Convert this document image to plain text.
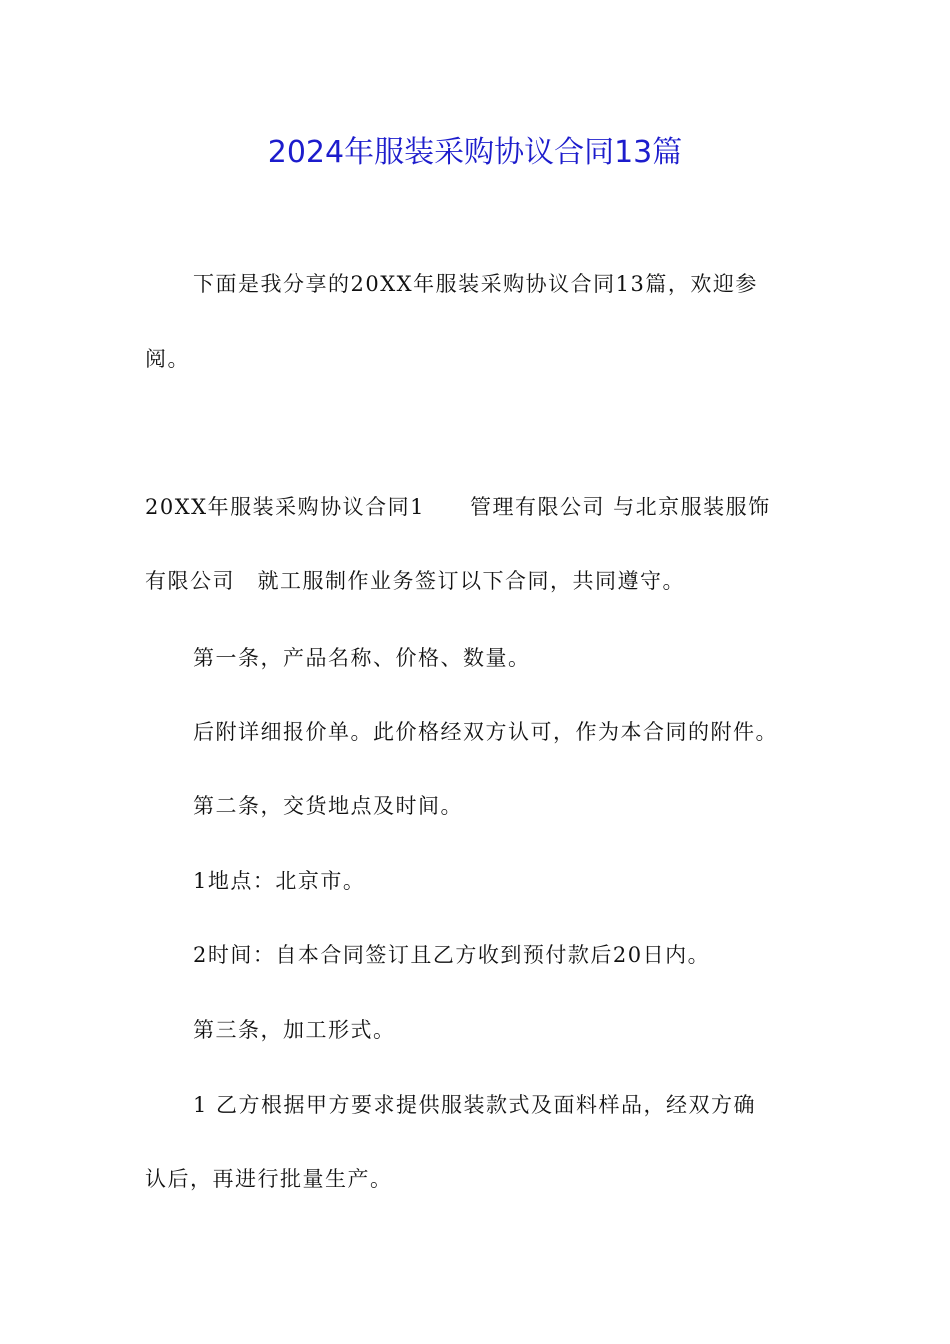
2024年服装采购协议合同13篇
下面是我分享的20XX年服装采购协议合同13篇，欢迎参
阅。
20XX年服装采购协议合同1　　管理有限公司 与北京服装服饰
有限公司　就工服制作业务签订以下合同，共同遵守。
第一条，产品名称、价格、数量。
后附详细报价单。此价格经双方认可，作为本合同的附件。
第二条，交货地点及时间。
1地点：北京市。
2时间：自本合同签订且乙方收到预付款后20日内。
第三条，加工形式。
1 乙方根据甲方要求提供服装款式及面料样品，经双方确
认后，再进行批量生产。
